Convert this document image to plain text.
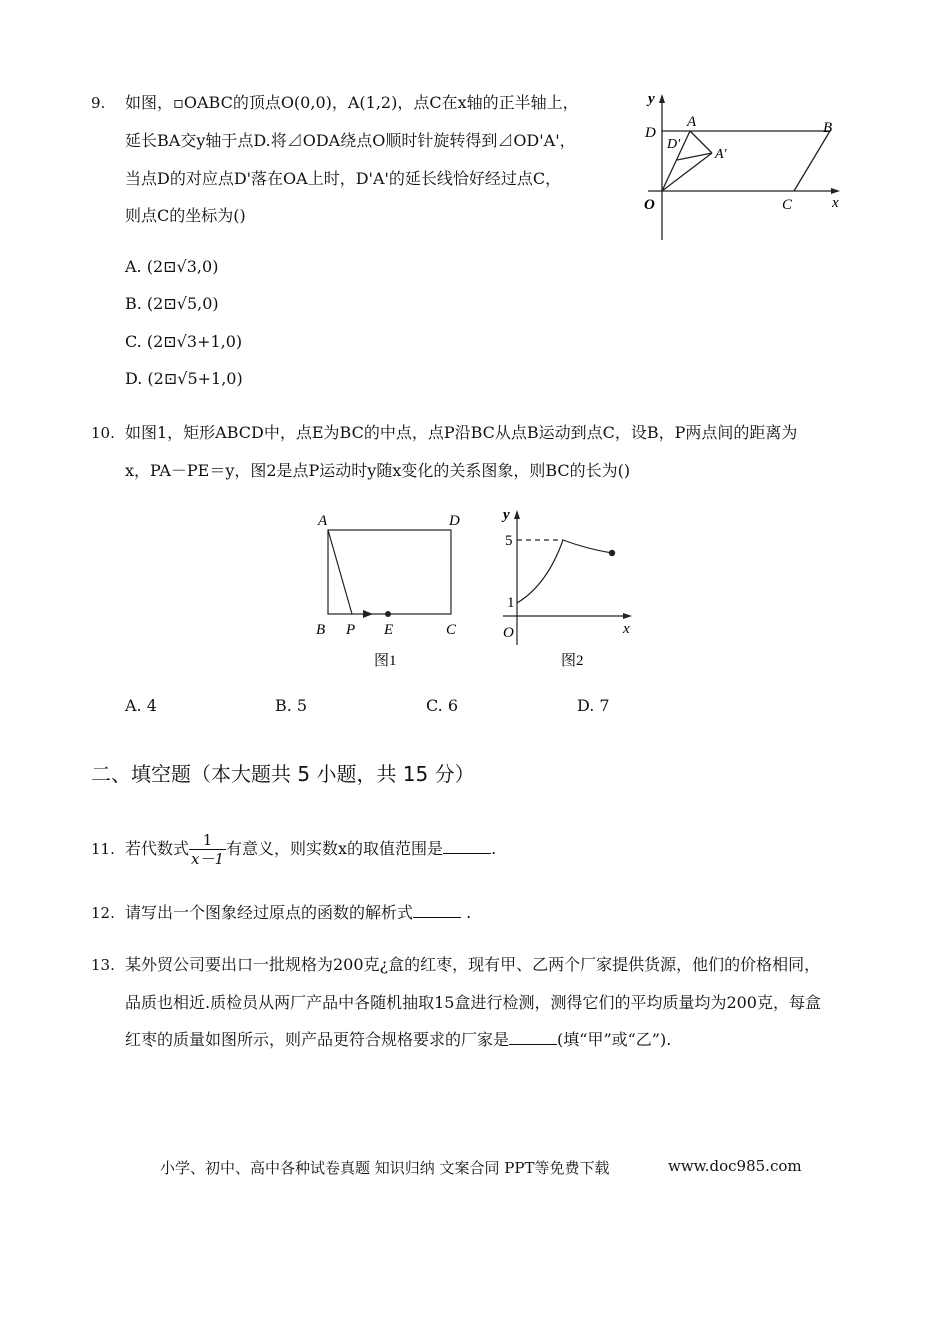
9. 如图，▫OABC的顶点O(0,0)，A(1,2)，点C在x轴的正半轴上，
延长BA交y轴于点D.将⊿ODA绕点O顺时针旋转得到⊿OD'A'，
当点D的对应点D'落在OA上时，D'A'的延长线恰好经过点C，
则点C的坐标为()
A. (2⊡√3,0)
B. (2⊡√5,0)
C. (2⊡√3+1,0)
D. (2⊡√5+1,0)
y
x
D
A	B
D'
A'
O	C
10. 如图1，矩形ABCD中，点E为BC的中点，点P沿BC从点B运动到点C，设B，P两点间的距离为
x，PA－PE＝y，图2是点P运动时y随x变化的关系图象，则BC的长为()
A	D
B P E	C
图1
y
5
1
O	x
图2
A. 4	B. 5	C. 6	D. 7
二、填空题（本大题共 5 小题，共 15 分）
11. 若代数式 $\frac{1}{x-1}$ 有意义，则实数x的取值范围是	.
12. 请写出一个图象经过原点的函数的解析式	.
13. 某外贸公司要出口一批规格为200克¿盒的红枣，现有甲、乙两个厂家提供货源，他们的价格相同，
品质也相近.质检员从两厂产品中各随机抽取15盒进行检测，测得它们的平均质量均为200克，每盒
红枣的质量如图所示，则产品更符合规格要求的厂家是	(填“甲”或“乙”).
小学、初中、高中各种试卷真题 知识归纳 文案合同 PPT等免费下载	www.doc985.com
